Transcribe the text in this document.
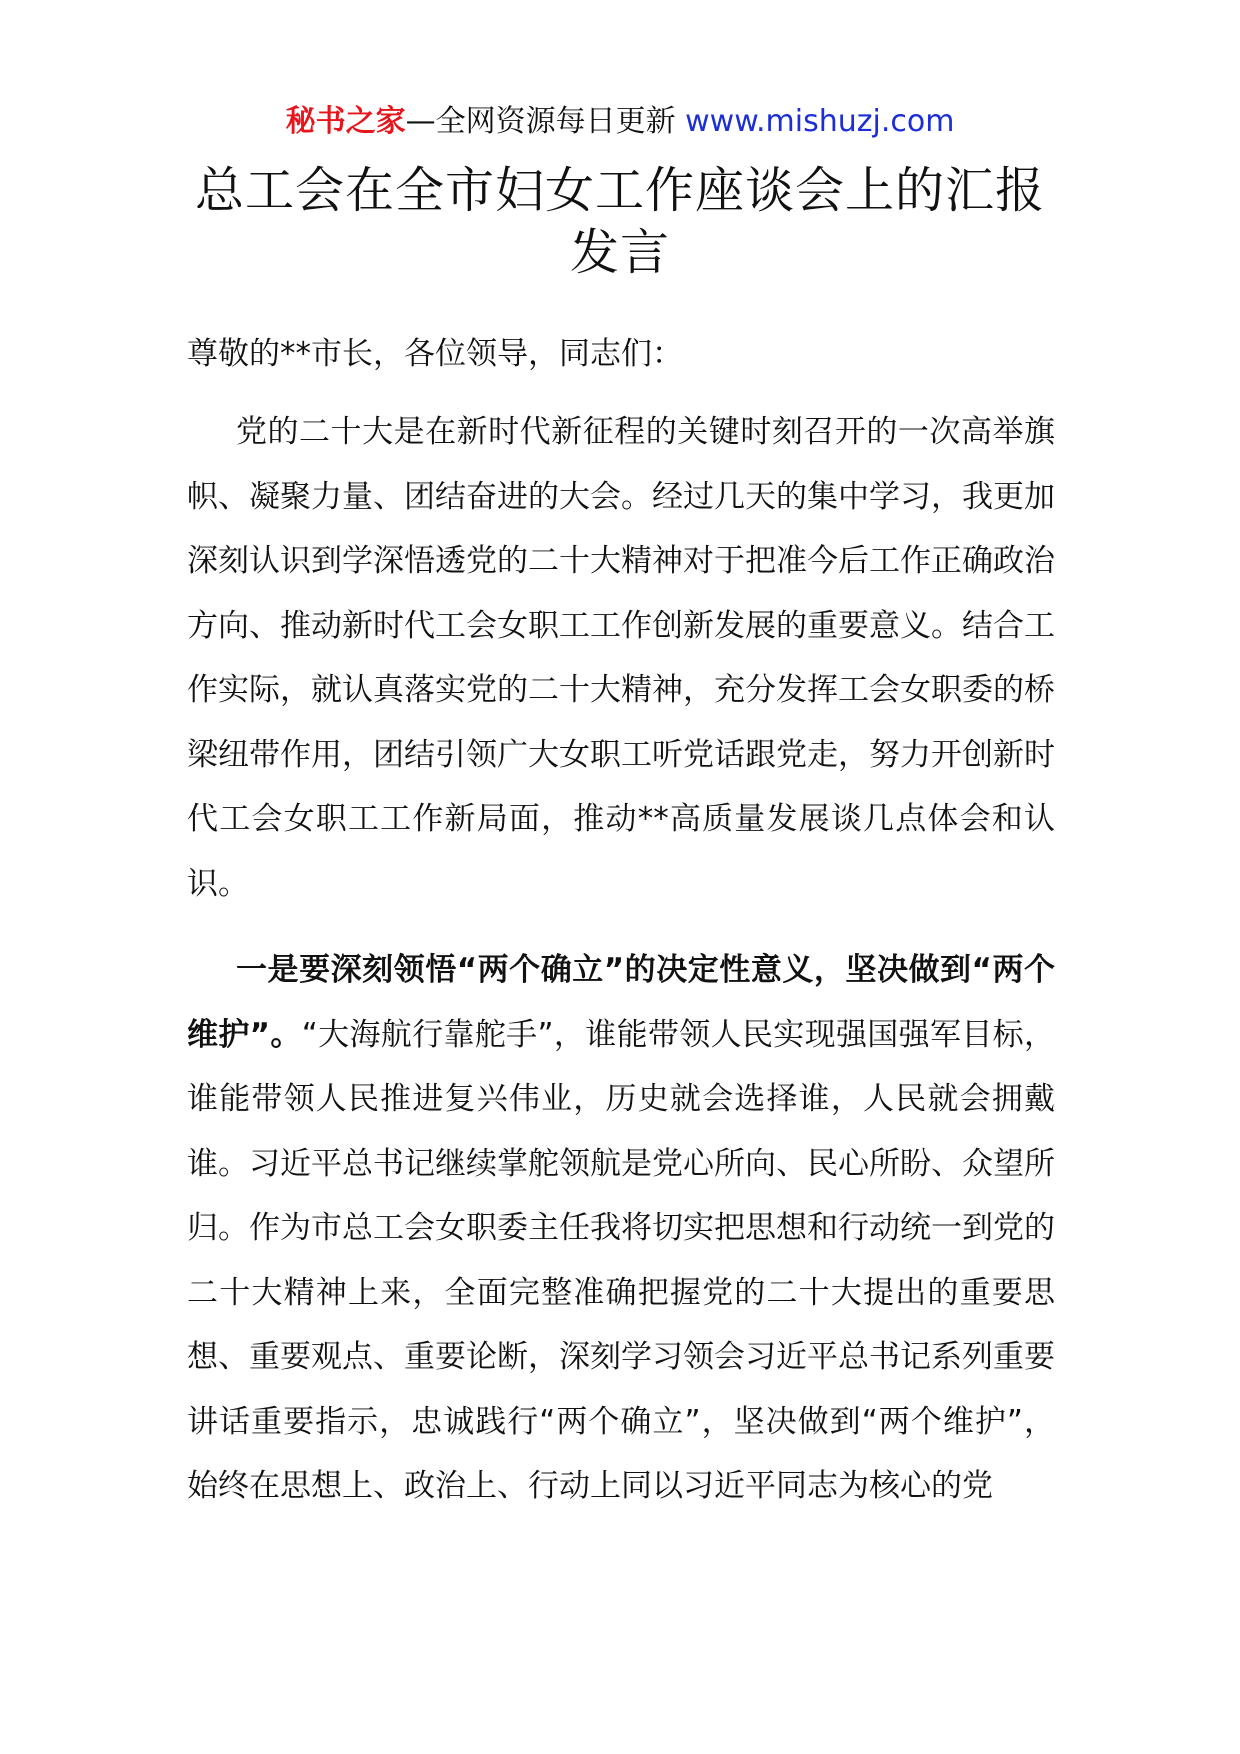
秘书之家—全网资源每日更新 www.mishuzj.com
总工会在全市妇女工作座谈会上的汇报发言

尊敬的**市长，各位领导，同志们：

党的二十大是在新时代新征程的关键时刻召开的一次高举旗帜、凝聚力量、团结奋进的大会。经过几天的集中学习，我更加深刻认识到学深悟透党的二十大精神对于把准今后工作正确政治方向、推动新时代工会女职工工作创新发展的重要意义。结合工作实际，就认真落实党的二十大精神，充分发挥工会女职委的桥梁纽带作用，团结引领广大女职工听党话跟党走，努力开创新时代工会女职工工作新局面，推动**高质量发展谈几点体会和认识。

一是要深刻领悟“两个确立”的决定性意义，坚决做到“两个维护”。“大海航行靠舵手”，谁能带领人民实现强国强军目标，谁能带领人民推进复兴伟业，历史就会选择谁，人民就会拥戴谁。习近平总书记继续掌舵领航是党心所向、民心所盼、众望所归。作为市总工会女职委主任我将切实把思想和行动统一到党的二十大精神上来，全面完整准确把握党的二十大提出的重要思想、重要观点、重要论断，深刻学习领会习近平总书记系列重要讲话重要指示，忠诚践行“两个确立”，坚决做到“两个维护”，始终在思想上、政治上、行动上同以习近平同志为核心的党
